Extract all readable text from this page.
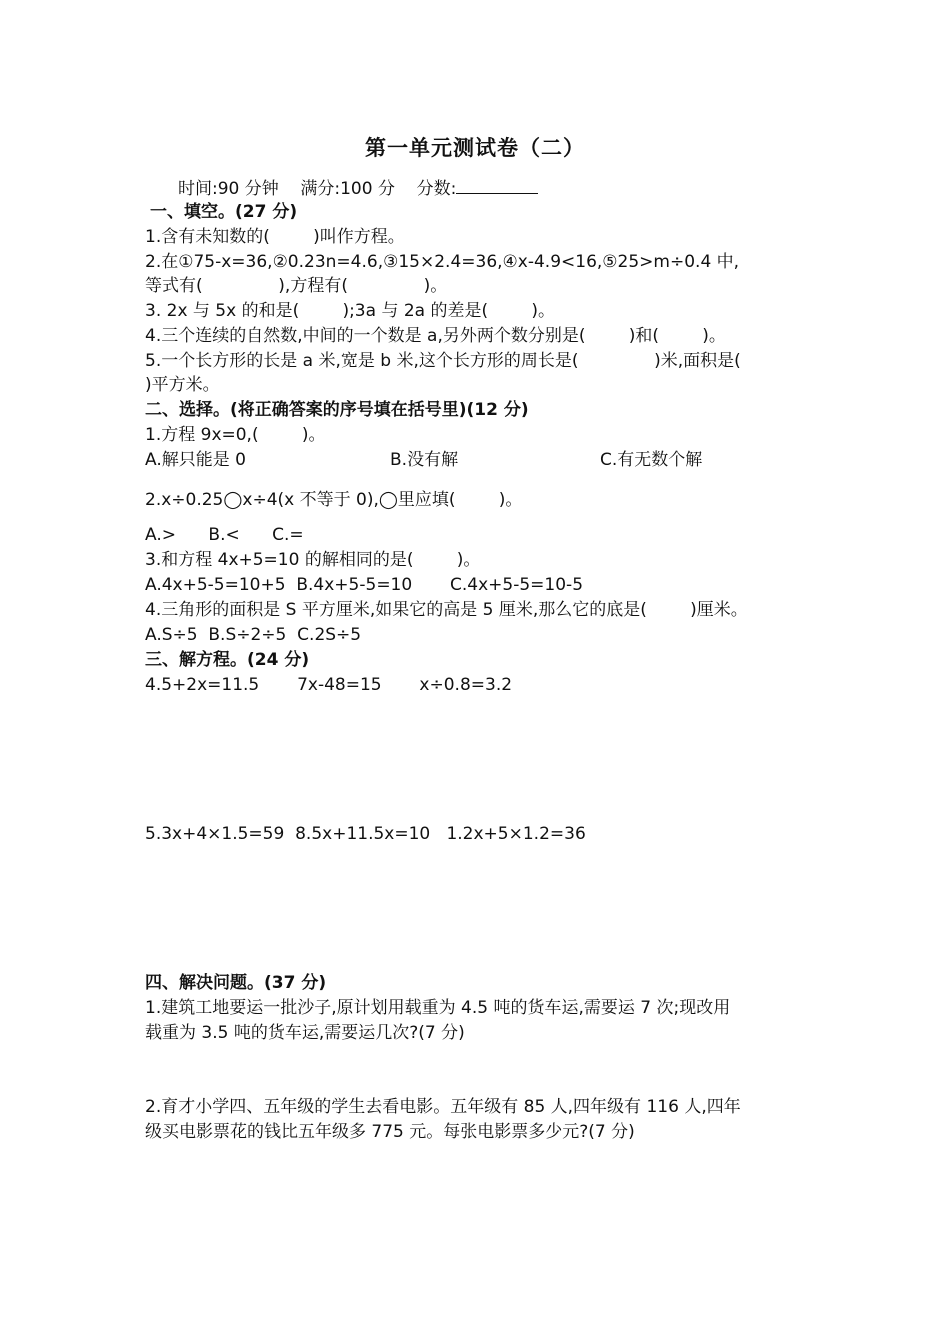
第一单元测试卷（二）
时间:90 分钟 满分:100 分 分数:
一、填空。(27 分)
1.含有未知数的(        )叫作方程。
2.在①75-x=36,②0.23n=4.6,③15×2.4=36,④x-4.9<16,⑤25>m÷0.4 中,
等式有(              ),方程有(              )。
3. 2x 与 5x 的和是(        );3a 与 2a 的差是(        )。
4.三个连续的自然数,中间的一个数是 a,另外两个数分别是(        )和(        )。
5.一个长方形的长是 a 米,宽是 b 米,这个长方形的周长是(              )米,面积是(
)平方米。
二、选择。(将正确答案的序号填在括号里)(12 分)
1.方程 9x=0,(        )。
A.解只能是 0	B.没有解	C.有无数个解
2.x÷0.25◯x÷4(x 不等于 0),◯里应填(        )。
A.>      B.<      C.=
3.和方程 4x+5=10 的解相同的是(        )。
A.4x+5-5=10+5  B.4x+5-5=10       C.4x+5-5=10-5
4.三角形的面积是 S 平方厘米,如果它的高是 5 厘米,那么它的底是(        )厘米。
A.S÷5  B.S÷2÷5  C.2S÷5
三、解方程。(24 分)
4.5+2x=11.5       7x-48=15       x÷0.8=3.2
5.3x+4×1.5=59  8.5x+11.5x=10   1.2x+5×1.2=36
四、解决问题。(37 分)
1.建筑工地要运一批沙子,原计划用载重为 4.5 吨的货车运,需要运 7 次;现改用
载重为 3.5 吨的货车运,需要运几次?(7 分)
2.育才小学四、五年级的学生去看电影。五年级有 85 人,四年级有 116 人,四年
级买电影票花的钱比五年级多 775 元。每张电影票多少元?(7 分)
